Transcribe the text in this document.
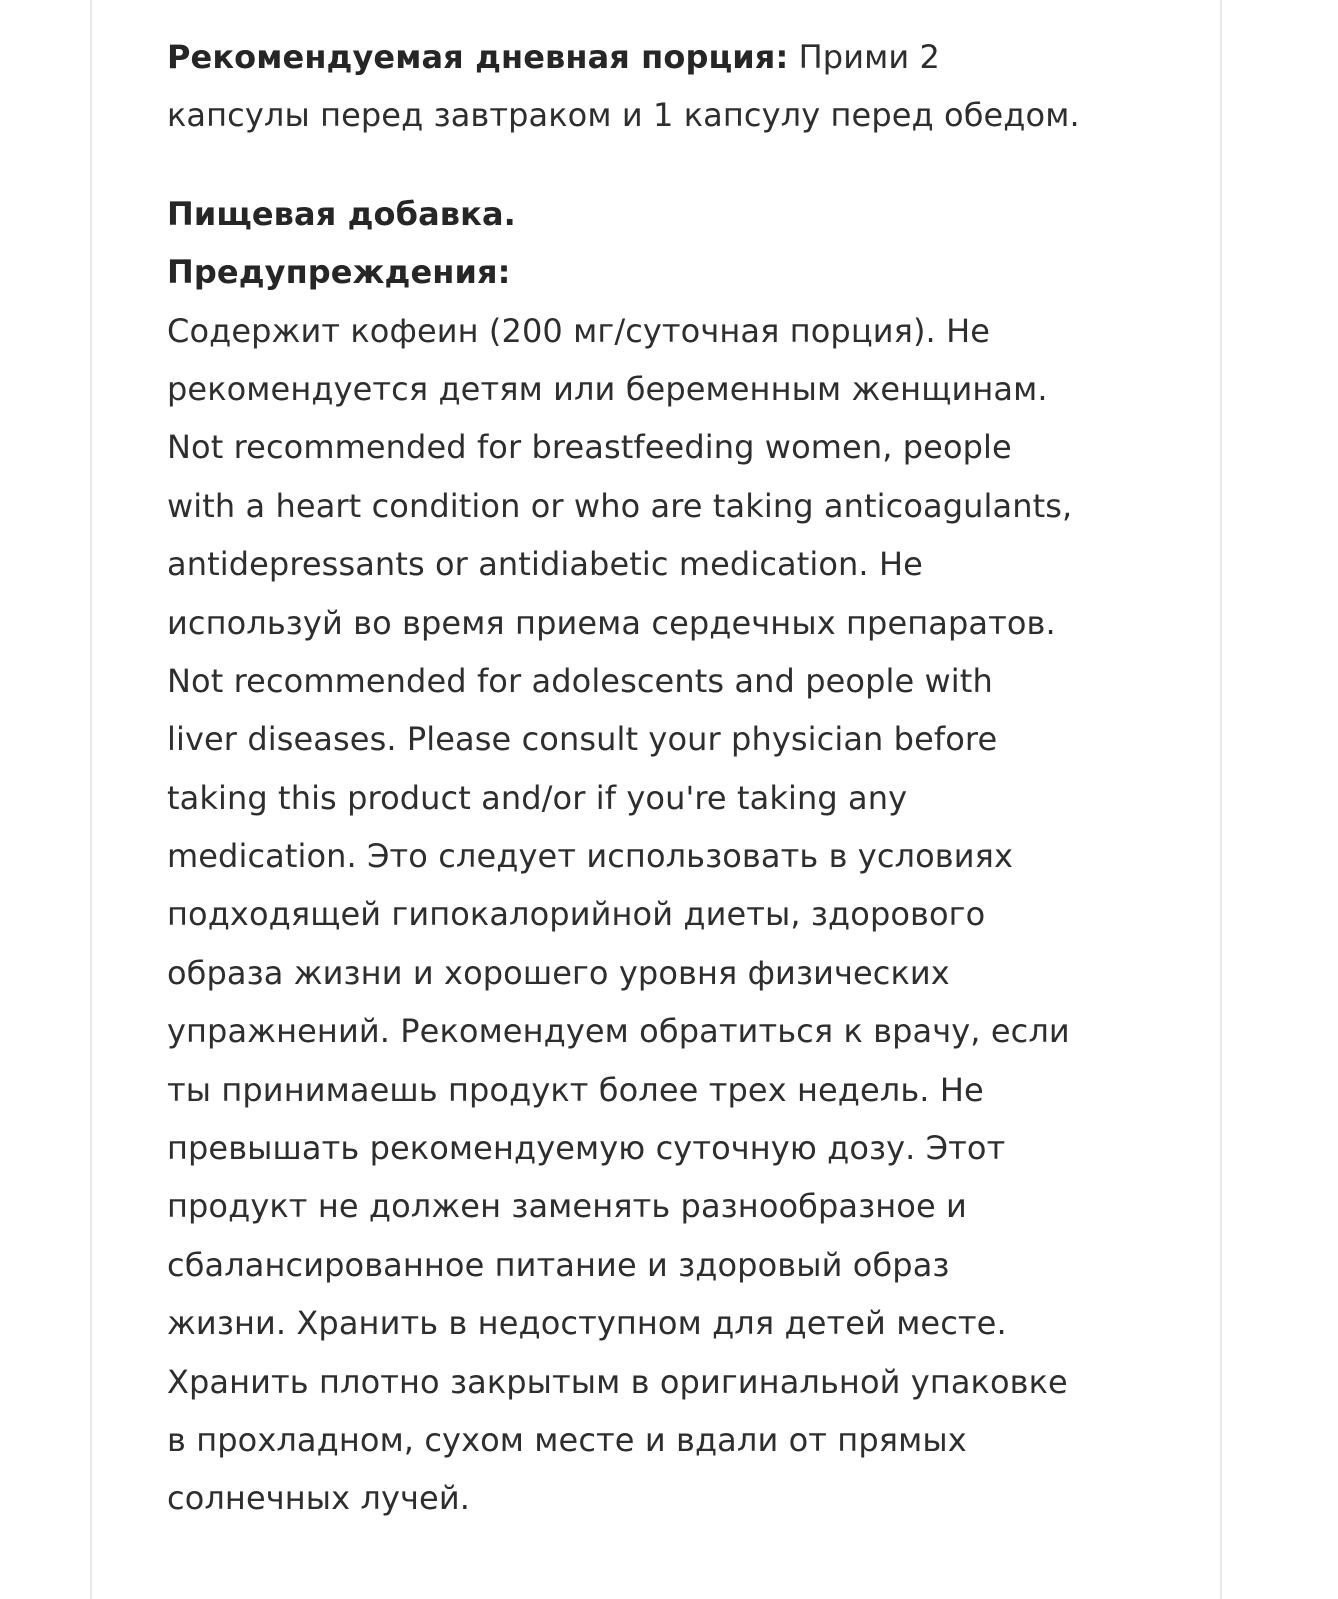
Рекомендуемая дневная порция: Прими 2
капсулы перед завтраком и 1 капсулу перед обедом.
Пищевая добавка.
Предупреждения:
Содержит кофеин (200 мг/суточная порция). Не
рекомендуется детям или беременным женщинам.
Not recommended for breastfeeding women, people
with a heart condition or who are taking anticoagulants,
antidepressants or antidiabetic medication. Не
используй во время приема сердечных препаратов.
Not recommended for adolescents and people with
liver diseases. Please consult your physician before
taking this product and/or if you're taking any
medication. Это следует использовать в условиях
подходящей гипокалорийной диеты, здорового
образа жизни и хорошего уровня физических
упражнений. Рекомендуем обратиться к врачу, если
ты принимаешь продукт более трех недель. Не
превышать рекомендуемую суточную дозу. Этот
продукт не должен заменять разнообразное и
сбалансированное питание и здоровый образ
жизни. Хранить в недоступном для детей месте.
Хранить плотно закрытым в оригинальной упаковке
в прохладном, сухом месте и вдали от прямых
солнечных лучей.
